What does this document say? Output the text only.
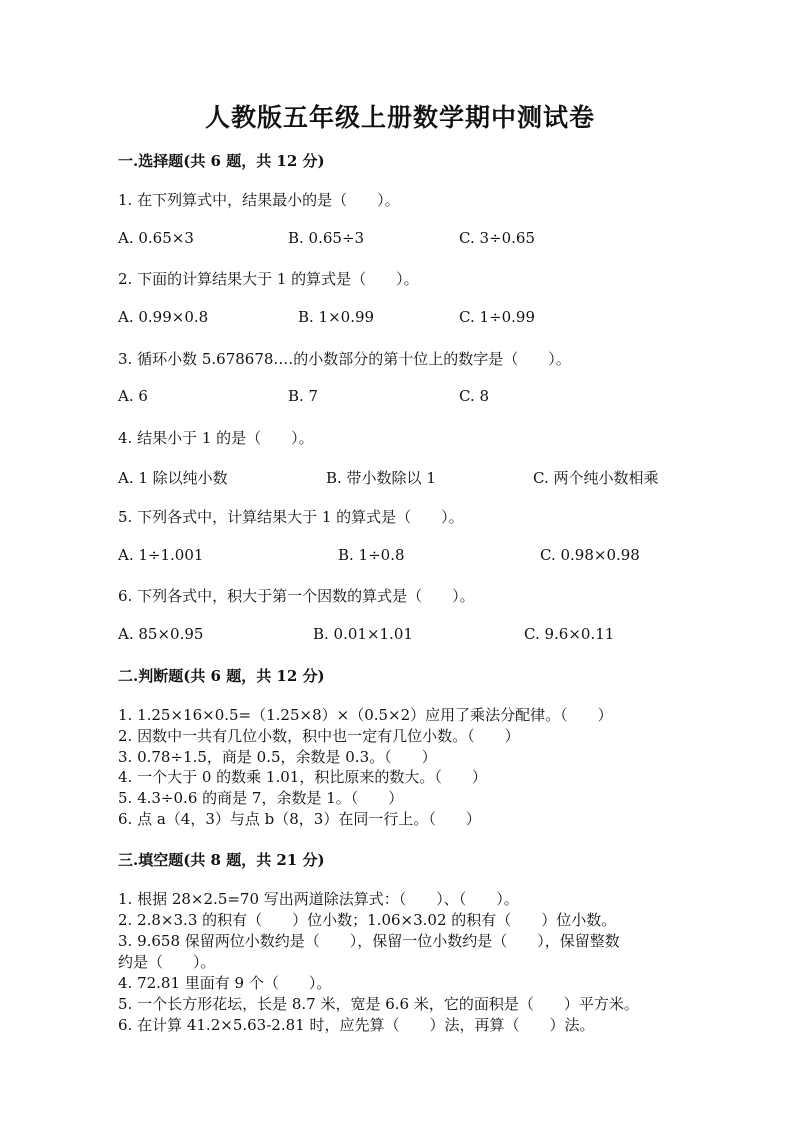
人教版五年级上册数学期中测试卷
一.选择题(共 6 题，共 12 分)
1. 在下列算式中，结果最小的是（　　）。
A. 0.65×3	B. 0.65÷3	C. 3÷0.65
2. 下面的计算结果大于 1 的算式是（　　）。
A. 0.99×0.8	B. 1×0.99	C. 1÷0.99
3. 循环小数 5.678678.…的小数部分的第十位上的数字是（　　）。
A. 6	B. 7	C. 8
4. 结果小于 1 的是（　　）。
A. 1 除以纯小数	B. 带小数除以 1	C. 两个纯小数相乘
5. 下列各式中，计算结果大于 1 的算式是（　　）。
A. 1÷1.001	B. 1÷0.8	C. 0.98×0.98
6. 下列各式中，积大于第一个因数的算式是（　　）。
A. 85×0.95	B. 0.01×1.01	C. 9.6×0.11
二.判断题(共 6 题，共 12 分)
1. 1.25×16×0.5=（1.25×8）×（0.5×2）应用了乘法分配律。（　　）
2. 因数中一共有几位小数，积中也一定有几位小数。（　　）
3. 0.78÷1.5，商是 0.5，余数是 0.3。（　　）
4. 一个大于 0 的数乘 1.01，积比原来的数大。（　　）
5. 4.3÷0.6 的商是 7，余数是 1。（　　）
6. 点 a（4，3）与点 b（8，3）在同一行上。（　　）
三.填空题(共 8 题，共 21 分)
1. 根据 28×2.5=70 写出两道除法算式：（　　）、（　　）。
2. 2.8×3.3 的积有（　　）位小数；1.06×3.02 的积有（　　）位小数。
3. 9.658 保留两位小数约是（　　），保留一位小数约是（　　），保留整数
约是（　　）。
4. 72.81 里面有 9 个（　　）。
5. 一个长方形花坛，长是 8.7 米，宽是 6.6 米，它的面积是（　　）平方米。
6. 在计算 41.2×5.63-2.81 时，应先算（　　）法，再算（　　）法。
